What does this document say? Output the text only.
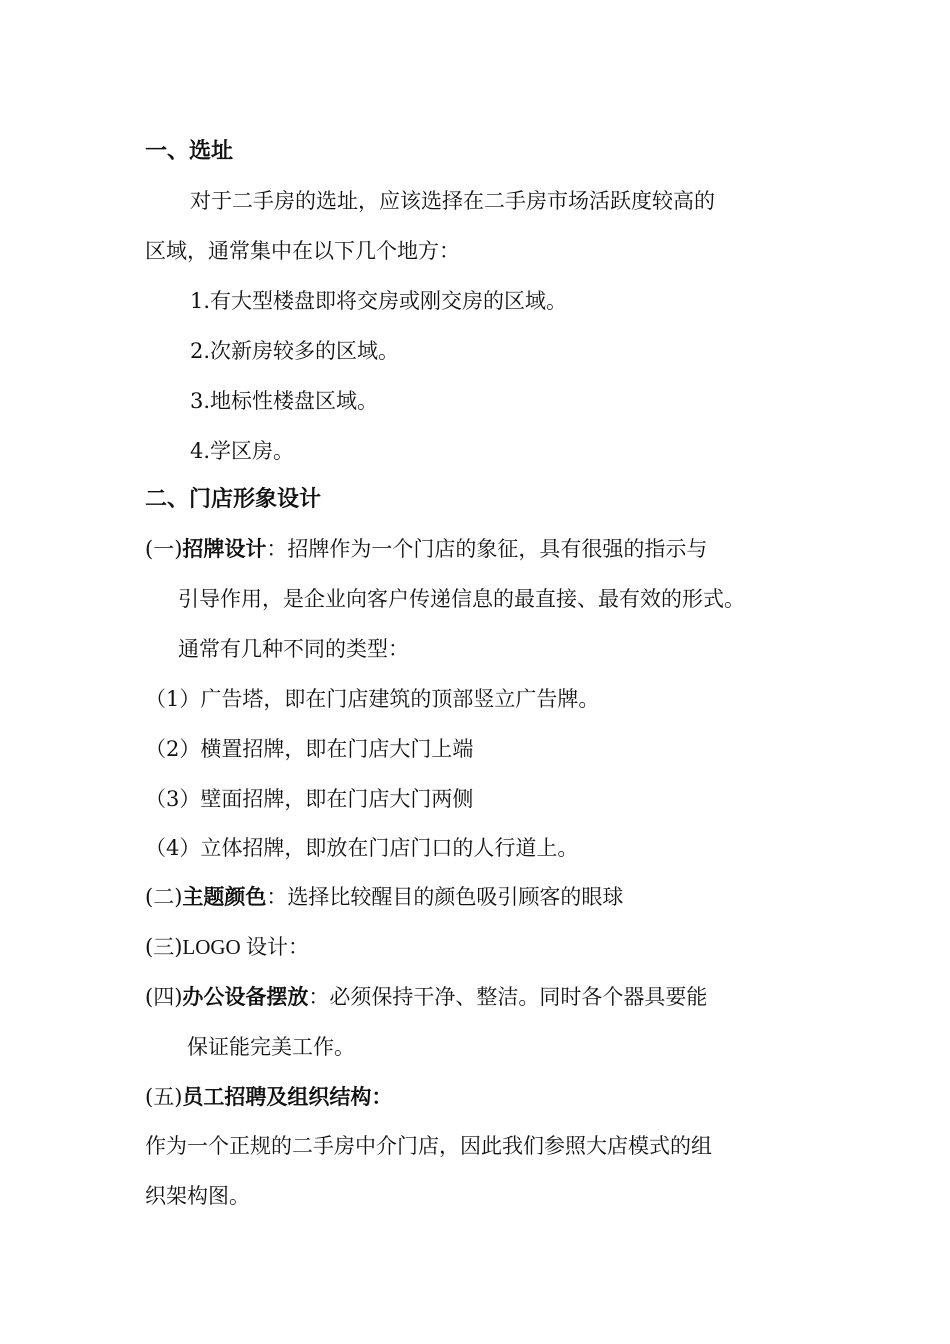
一、选址
对于二手房的选址，应该选择在二手房市场活跃度较高的
区域，通常集中在以下几个地方：
1.有大型楼盘即将交房或刚交房的区域。
2.次新房较多的区域。
3.地标性楼盘区域。
4.学区房。
二、门店形象设计
(一)招牌设计：招牌作为一个门店的象征，具有很强的指示与
引导作用，是企业向客户传递信息的最直接、最有效的形式。
通常有几种不同的类型：
（1）广告塔，即在门店建筑的顶部竖立广告牌。
（2）横置招牌，即在门店大门上端
（3）壁面招牌，即在门店大门两侧
（4）立体招牌，即放在门店门口的人行道上。
(二)主题颜色：选择比较醒目的颜色吸引顾客的眼球
(三)LOGO 设计：
(四)办公设备摆放：必须保持干净、整洁。同时各个器具要能
保证能完美工作。
(五)员工招聘及组织结构：
作为一个正规的二手房中介门店，因此我们参照大店模式的组
织架构图。
